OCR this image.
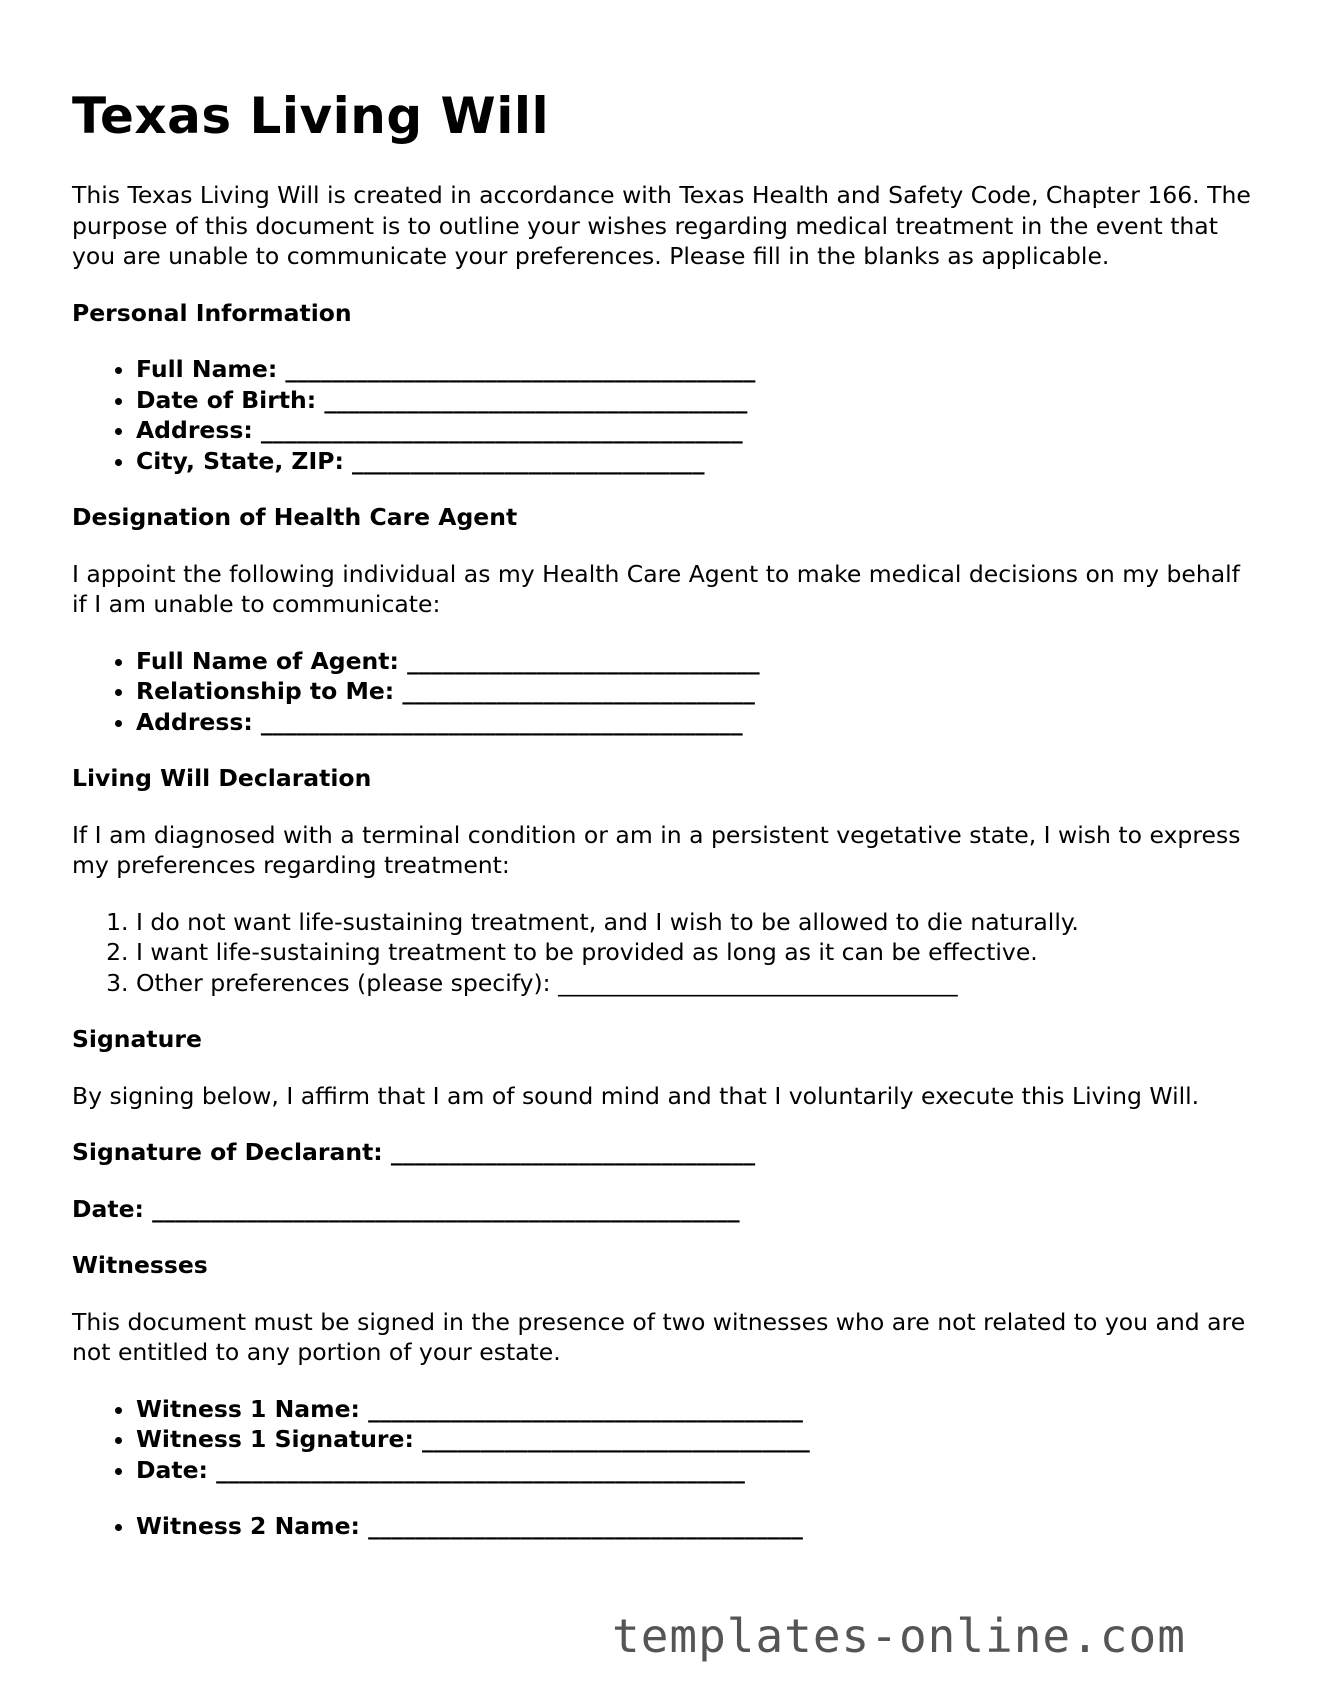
Texas Living Will

This Texas Living Will is created in accordance with Texas Health and Safety Code, Chapter 166. The purpose of this document is to outline your wishes regarding medical treatment in the event that you are unable to communicate your preferences. Please fill in the blanks as applicable.

Personal Information
• Full Name: ________________________________________
• Date of Birth: ____________________________________
• Address: _________________________________________
• City, State, ZIP: ______________________________
Designation of Health Care Agent

I appoint the following individual as my Health Care Agent to make medical decisions on my behalf if I am unable to communicate:

• Full Name of Agent: ______________________________
• Relationship to Me: ______________________________
• Address: _________________________________________
Living Will Declaration

If I am diagnosed with a terminal condition or am in a persistent vegetative state, I wish to express my preferences regarding treatment:

1. I do not want life-sustaining treatment, and I wish to be allowed to die naturally.
2. I want life-sustaining treatment to be provided as long as it can be effective.
3. Other preferences (please specify): __________________________________
Signature

By signing below, I affirm that I am of sound mind and that I voluntarily execute this Living Will.

Signature of Declarant: _______________________________
Date: __________________________________________________
Witnesses

This document must be signed in the presence of two witnesses who are not related to you and are not entitled to any portion of your estate.

• Witness 1 Name: _____________________________________
• Witness 1 Signature: _________________________________
• Date: _____________________________________________
• Witness 2 Name: _____________________________________
templates-online.com
